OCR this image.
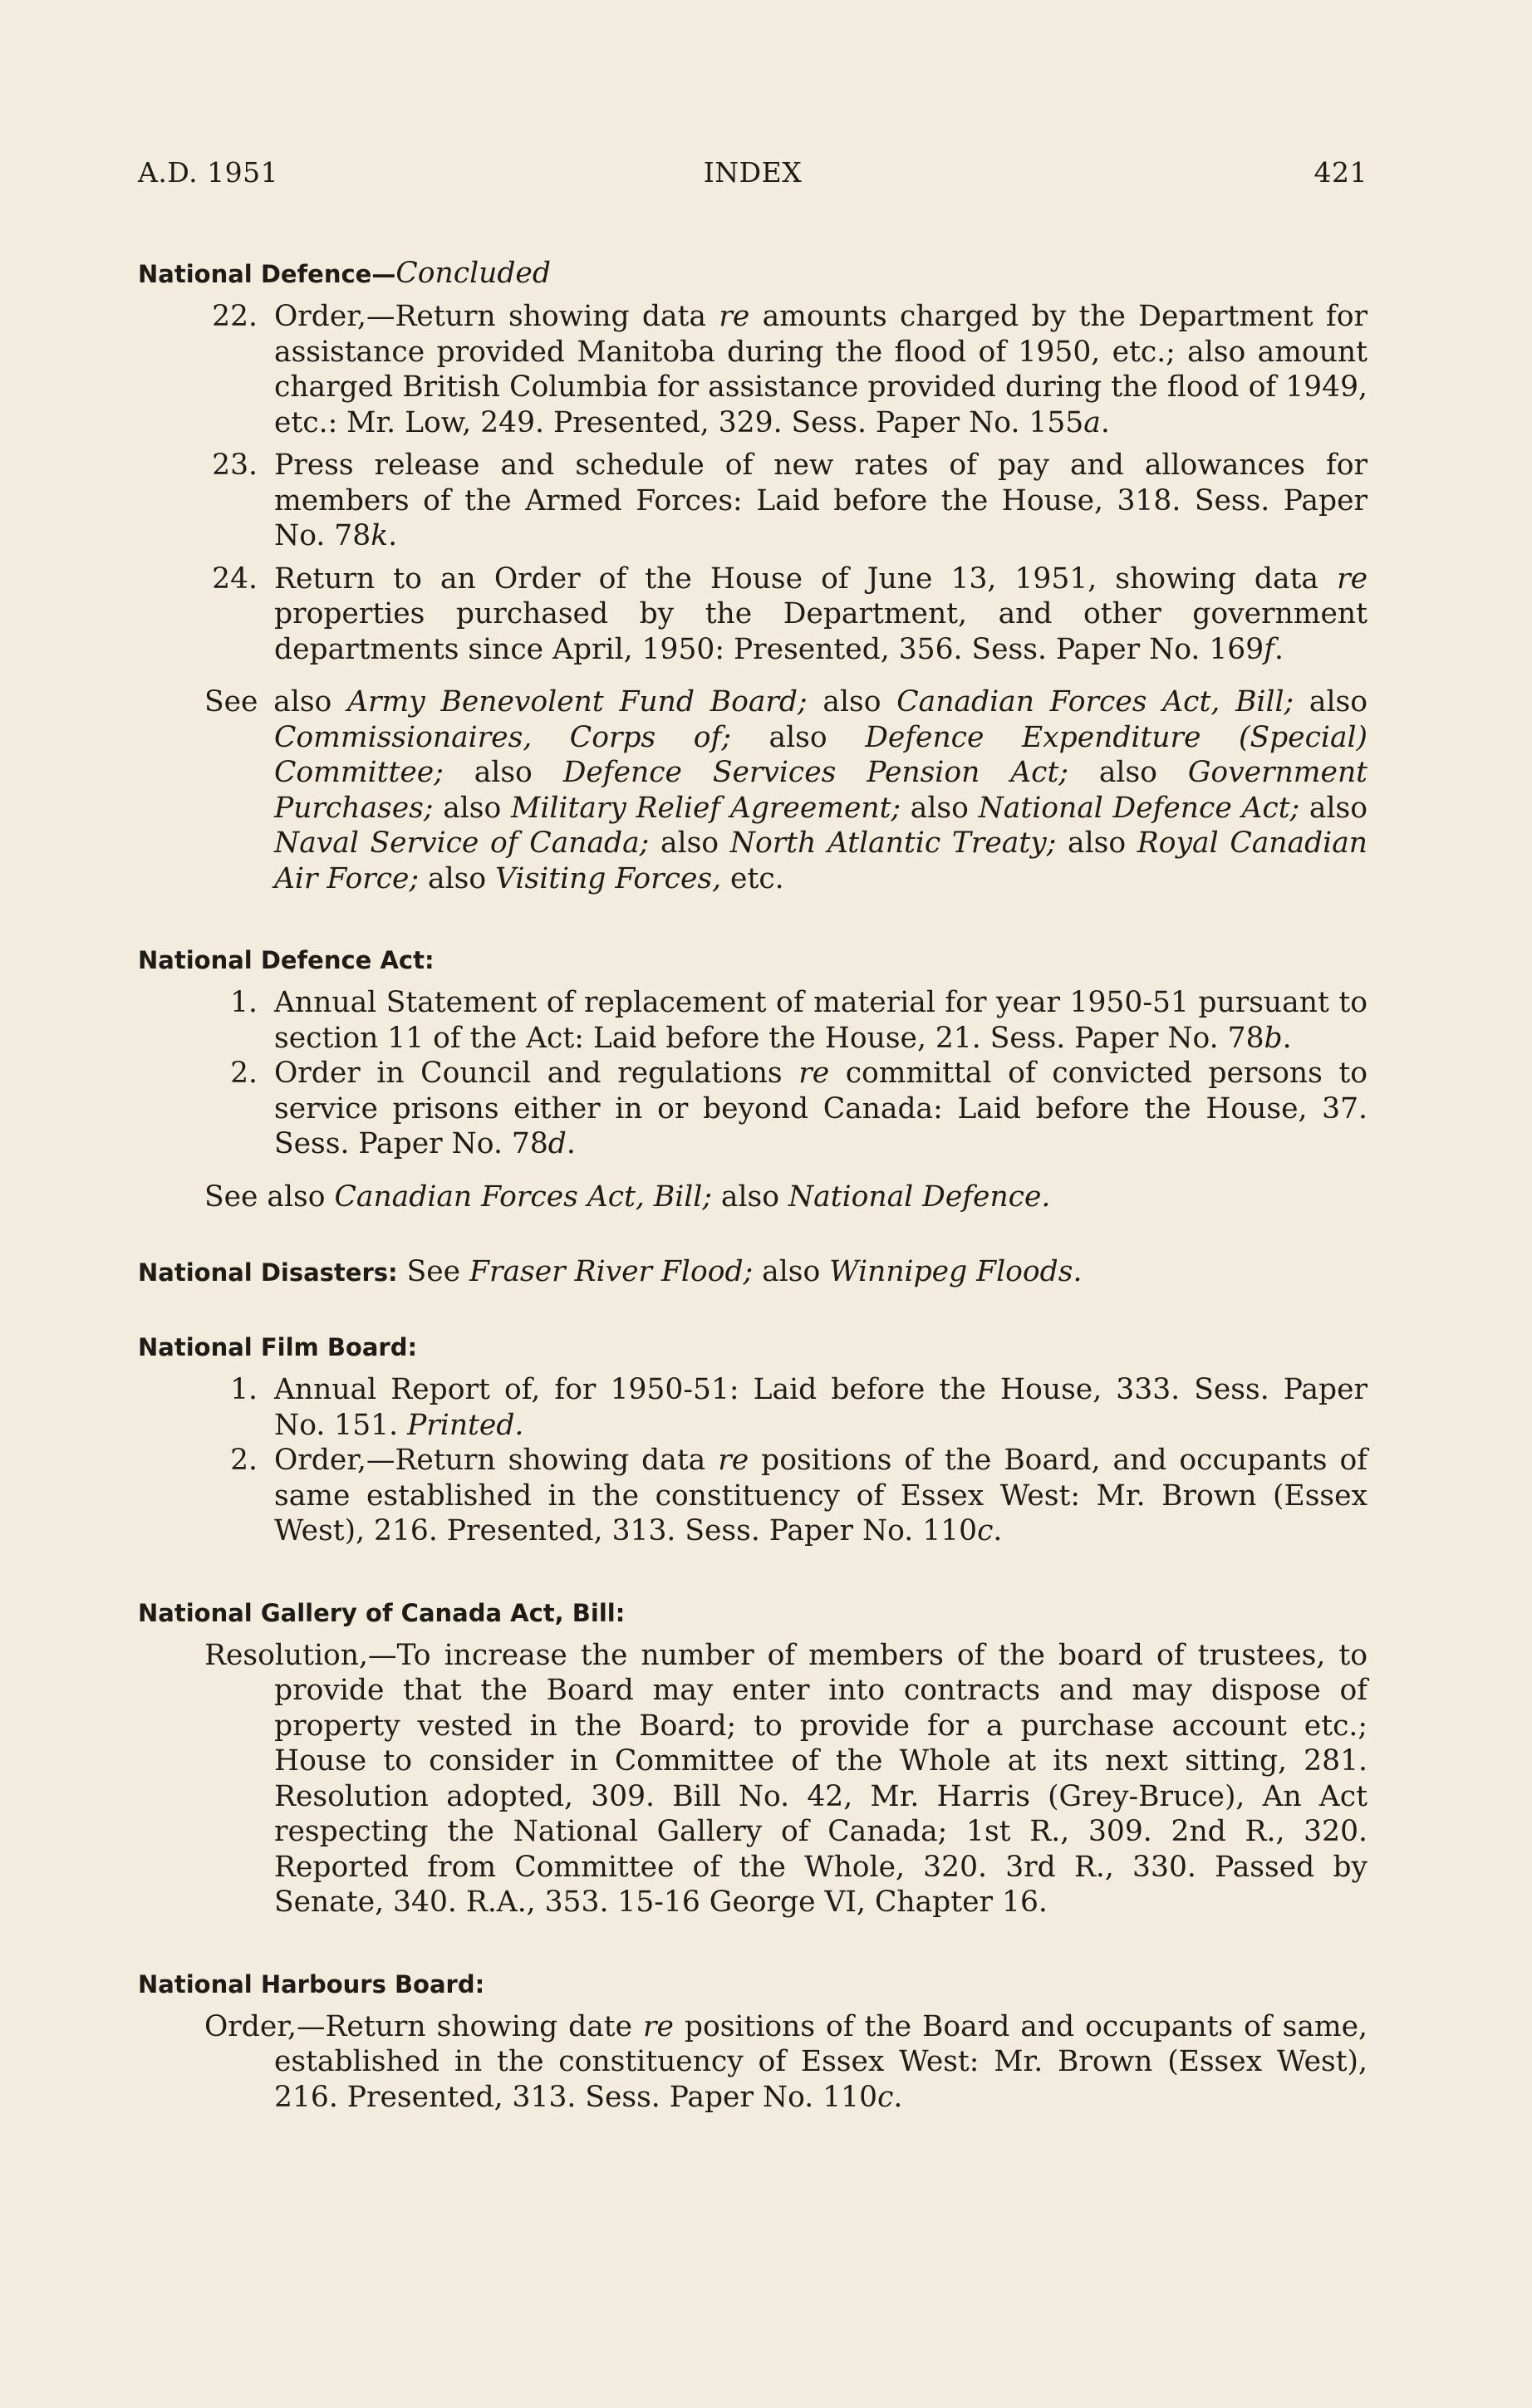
A.D. 1951	INDEX	421

National Defence—Concluded

22. Order,—Return showing data re amounts charged by the Department for assistance provided Manitoba during the flood of 1950, etc.; also amount charged British Columbia for assistance provided during the flood of 1949, etc.: Mr. Low, 249. Presented, 329. Sess. Paper No. 155a.
23. Press release and schedule of new rates of pay and allowances for members of the Armed Forces: Laid before the House, 318. Sess. Paper No. 78k.
24. Return to an Order of the House of June 13, 1951, showing data re properties purchased by the Department, and other government departments since April, 1950: Presented, 356. Sess. Paper No. 169f.
See also Army Benevolent Fund Board; also Canadian Forces Act, Bill; also Commissionaires, Corps of; also Defence Expenditure (Special) Committee; also Defence Services Pension Act; also Government Purchases; also Military Relief Agreement; also National Defence Act; also Naval Service of Canada; also North Atlantic Treaty; also Royal Canadian Air Force; also Visiting Forces, etc.

National Defence Act:

1. Annual Statement of replacement of material for year 1950-51 pursuant to section 11 of the Act: Laid before the House, 21. Sess. Paper No. 78b.
2. Order in Council and regulations re committal of convicted persons to service prisons either in or beyond Canada: Laid before the House, 37. Sess. Paper No. 78d.
See also Canadian Forces Act, Bill; also National Defence.

National Disasters: See Fraser River Flood; also Winnipeg Floods.

National Film Board:

1. Annual Report of, for 1950-51: Laid before the House, 333. Sess. Paper No. 151. Printed.
2. Order,—Return showing data re positions of the Board, and occupants of same established in the constituency of Essex West: Mr. Brown (Essex West), 216. Presented, 313. Sess. Paper No. 110c.

National Gallery of Canada Act, Bill:

Resolution,—To increase the number of members of the board of trustees, to provide that the Board may enter into contracts and may dispose of property vested in the Board; to provide for a purchase account etc.; House to consider in Committee of the Whole at its next sitting, 281. Resolution adopted, 309. Bill No. 42, Mr. Harris (Grey-Bruce), An Act respecting the National Gallery of Canada; 1st R., 309. 2nd R., 320. Reported from Committee of the Whole, 320. 3rd R., 330. Passed by Senate, 340. R.A., 353. 15-16 George VI, Chapter 16.

National Harbours Board:

Order,—Return showing date re positions of the Board and occupants of same, established in the constituency of Essex West: Mr. Brown (Essex West), 216. Presented, 313. Sess. Paper No. 110c.
